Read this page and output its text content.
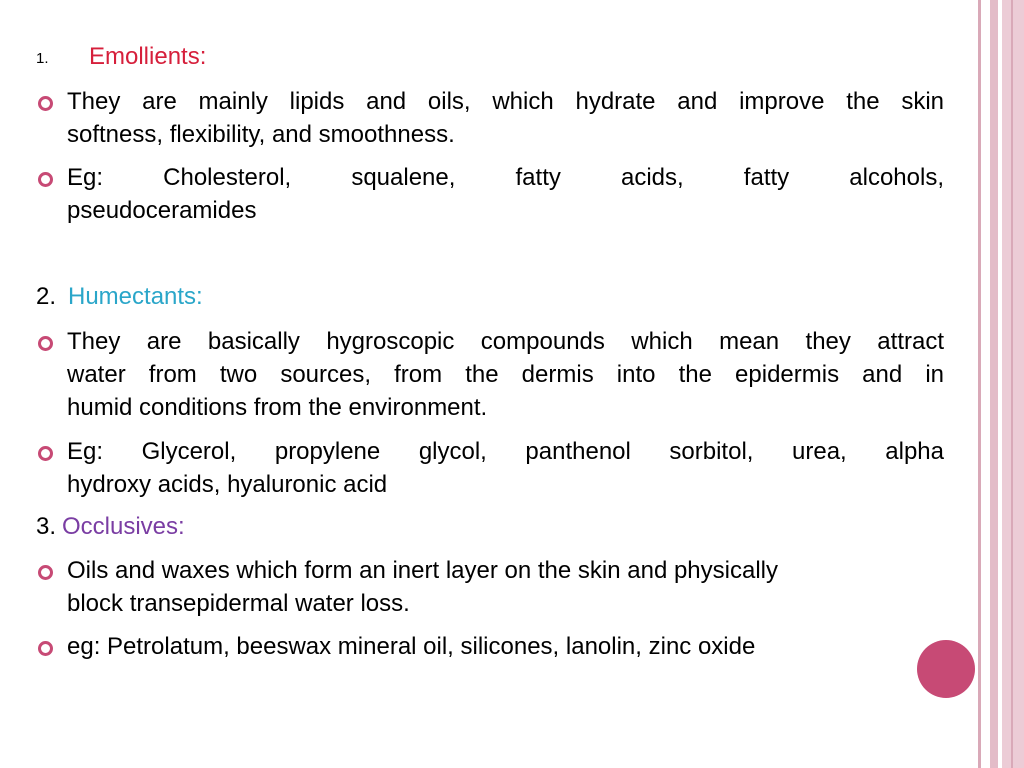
1. Emollients:
They are mainly lipids and oils, which hydrate and improve the skin
softness, flexibility, and smoothness.
Eg: Cholesterol, squalene, fatty acids, fatty alcohols,
pseudoceramides
2. Humectants:
They are basically hygroscopic compounds which mean they attract
water from two sources, from the dermis into the epidermis and in
humid conditions from the environment.
Eg: Glycerol, propylene glycol, panthenol sorbitol, urea, alpha
hydroxy acids, hyaluronic acid
3. Occlusives:
Oils and waxes which form an inert layer on the skin and physically
block transepidermal water loss.
eg: Petrolatum, beeswax mineral oil, silicones, lanolin, zinc oxide
